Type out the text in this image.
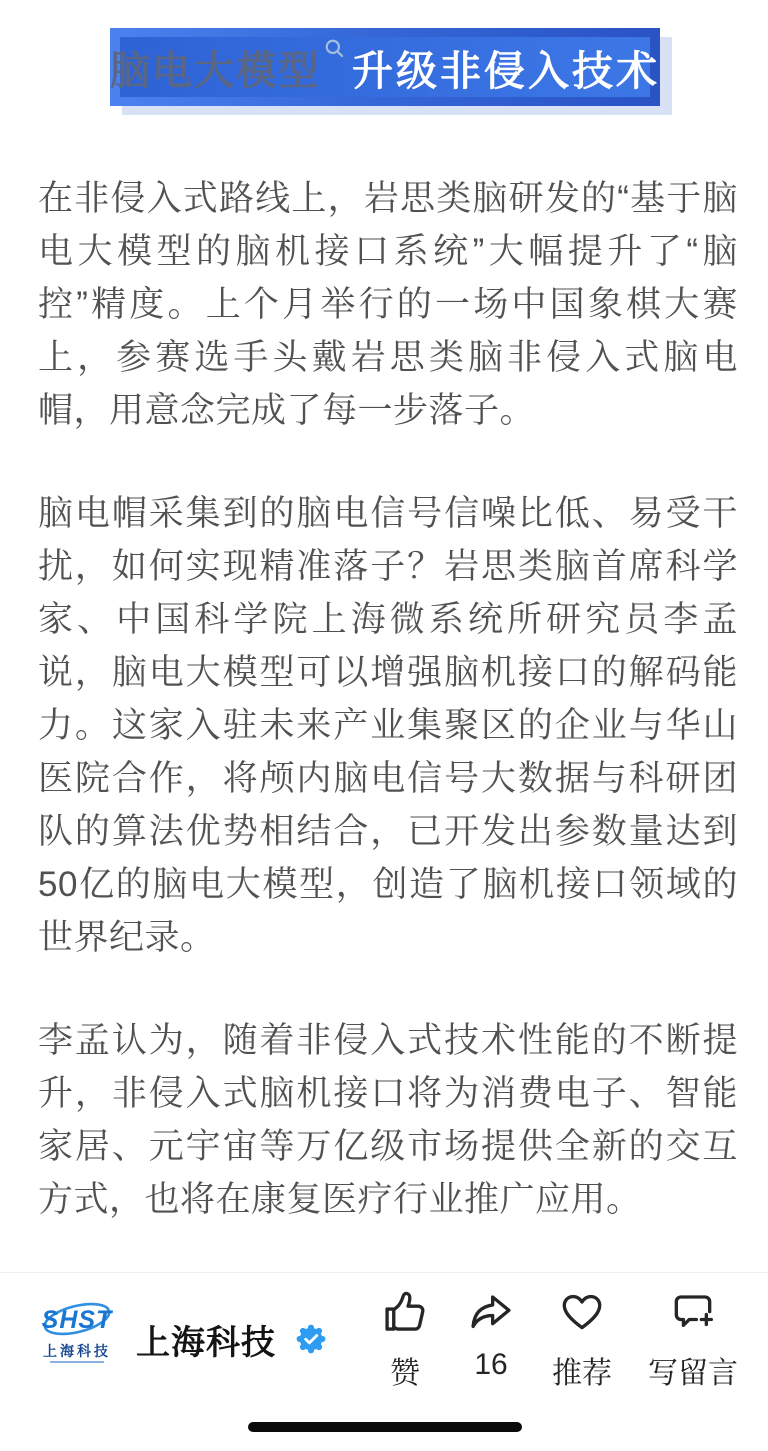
脑电大模型 升级非侵入技术

在非侵入式路线上，岩思类脑研发的“基于脑电大模型的脑机接口系统”大幅提升了“脑控”精度。上个月举行的一场中国象棋大赛上，参赛选手头戴岩思类脑非侵入式脑电帽，用意念完成了每一步落子。

脑电帽采集到的脑电信号信噪比低、易受干扰，如何实现精准落子？岩思类脑首席科学家、中国科学院上海微系统所研究员李孟说，脑电大模型可以增强脑机接口的解码能力。这家入驻未来产业集聚区的企业与华山医院合作，将颅内脑电信号大数据与科研团队的算法优势相结合，已开发出参数量达到50亿的脑电大模型，创造了脑机接口领域的世界纪录。

李孟认为，随着非侵入式技术性能的不断提升，非侵入式脑机接口将为消费电子、智能家居、元宇宙等万亿级市场提供全新的交互方式，也将在康复医疗行业推广应用。

SHST
上海科技 上海科技
赞 16 推荐 写留言
